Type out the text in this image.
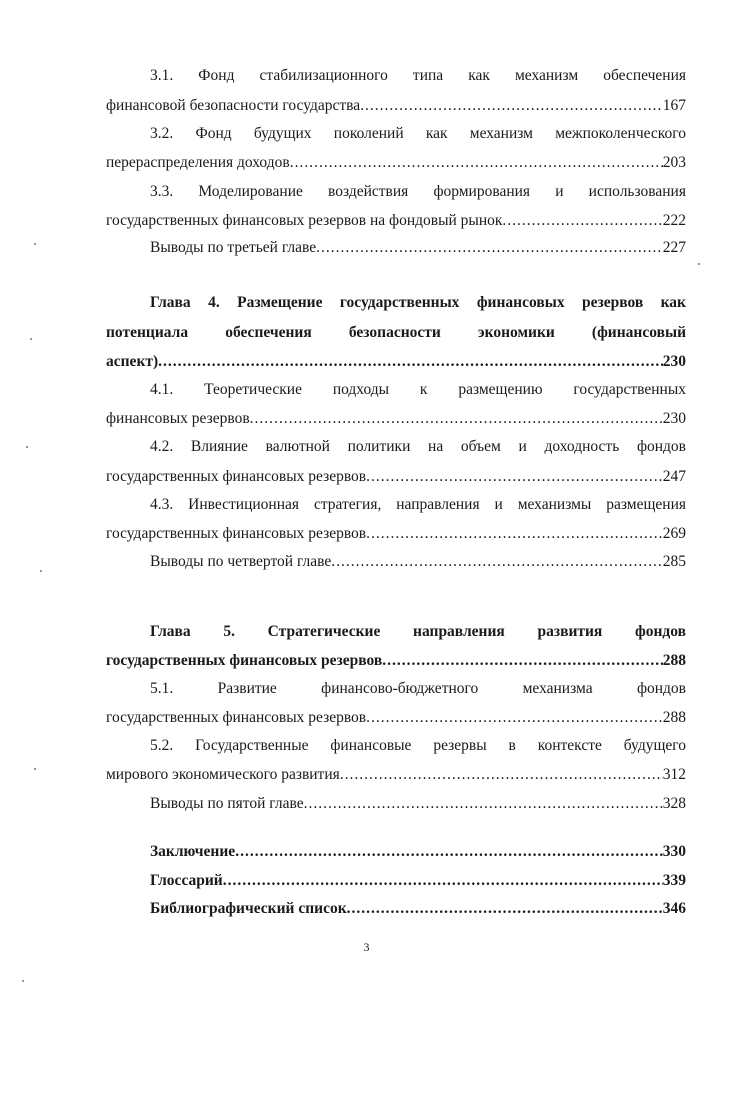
3.1. Фонд стабилизационного типа как механизм обеспечения
финансовой безопасности государства .....	167
3.2. Фонд будущих поколений как механизм межпоколенческого
перераспределения доходов .....	203
3.3. Моделирование воздействия формирования и использования
государственных финансовых резервов на фондовый рынок .....	222
Выводы по третьей главе .....	227
Глава 4. Размещение государственных финансовых резервов как
потенциала обеспечения безопасности экономики (финансовый
аспект) .....	230
4.1. Теоретические подходы к размещению государственных
финансовых резервов .....	230
4.2. Влияние валютной политики на объем и доходность фондов
государственных финансовых резервов .....	247
4.3. Инвестиционная стратегия, направления и механизмы размещения
государственных финансовых резервов .....	269
Выводы по четвертой главе .....	285
Глава 5. Стратегические направления развития фондов
государственных финансовых резервов .....	288
5.1. Развитие финансово-бюджетного механизма фондов
государственных финансовых резервов .....	288
5.2. Государственные финансовые резервы в контексте будущего
мирового экономического развития .....	312
Выводы по пятой главе .....	328
Заключение .....	330
Глоссарий .....	339
Библиографический список .....	346
3
